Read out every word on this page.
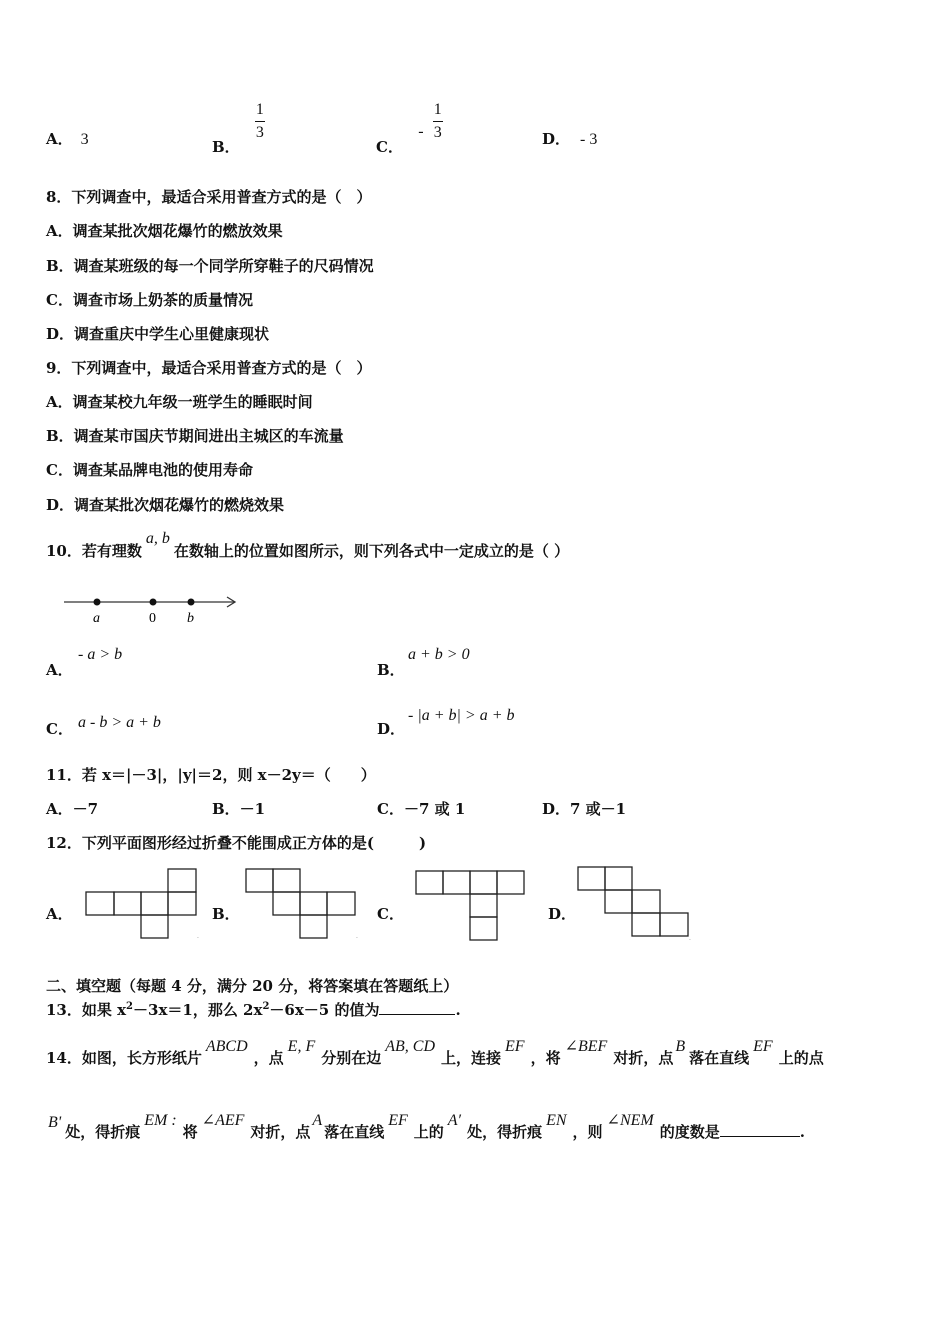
A． 3	B．
$\frac{1}{3}$
C． - $\frac{1}{3}$	D． - 3
8．下列调查中，最适合采用普查方式的是（　）
A．调查某批次烟花爆竹的燃放效果
B．调查某班级的每一个同学所穿鞋子的尺码情况
C．调查市场上奶茶的质量情况
D．调查重庆中学生心里健康现状
9．下列调查中，最适合采用普查方式的是（　）
A．调查某校九年级一班学生的睡眠时间
B．调查某市国庆节期间进出主城区的车流量
C．调查某品牌电池的使用寿命
D．调查某批次烟花爆竹的燃烧效果
10．若有理数a, b在数轴上的位置如图所示，则下列各式中一定成立的是（ ）
a	0 b
A．
- a > b
B．
a + b > 0
C． a - b > a + b	D．
- |a + b| > a + b
11．若 x＝|－3|，|y|＝2，则 x－2y＝（　　）
A．－7	B．－1	C．－7 或 1	D．7 或－1
12．下列平面图形经过折叠不能围成正方体的是(　　　)
A．
.
B．
.
C．	D．
.
二、填空题（每题 4 分，满分 20 分，将答案填在答题纸上）
13．如果 $x^2-3x=1$，那么 $2x^2-6x-5$ 的值为	.
14．如图，长方形纸片ABCD，点E, F分别在边AB, CD上，连接EF，将∠BEF对折，点B落在直线EF上的点
B'处，得折痕EM :将∠AEF对折，点A落在直线EF上的A′处，得折痕EN，则∠NEM的度数是	.
